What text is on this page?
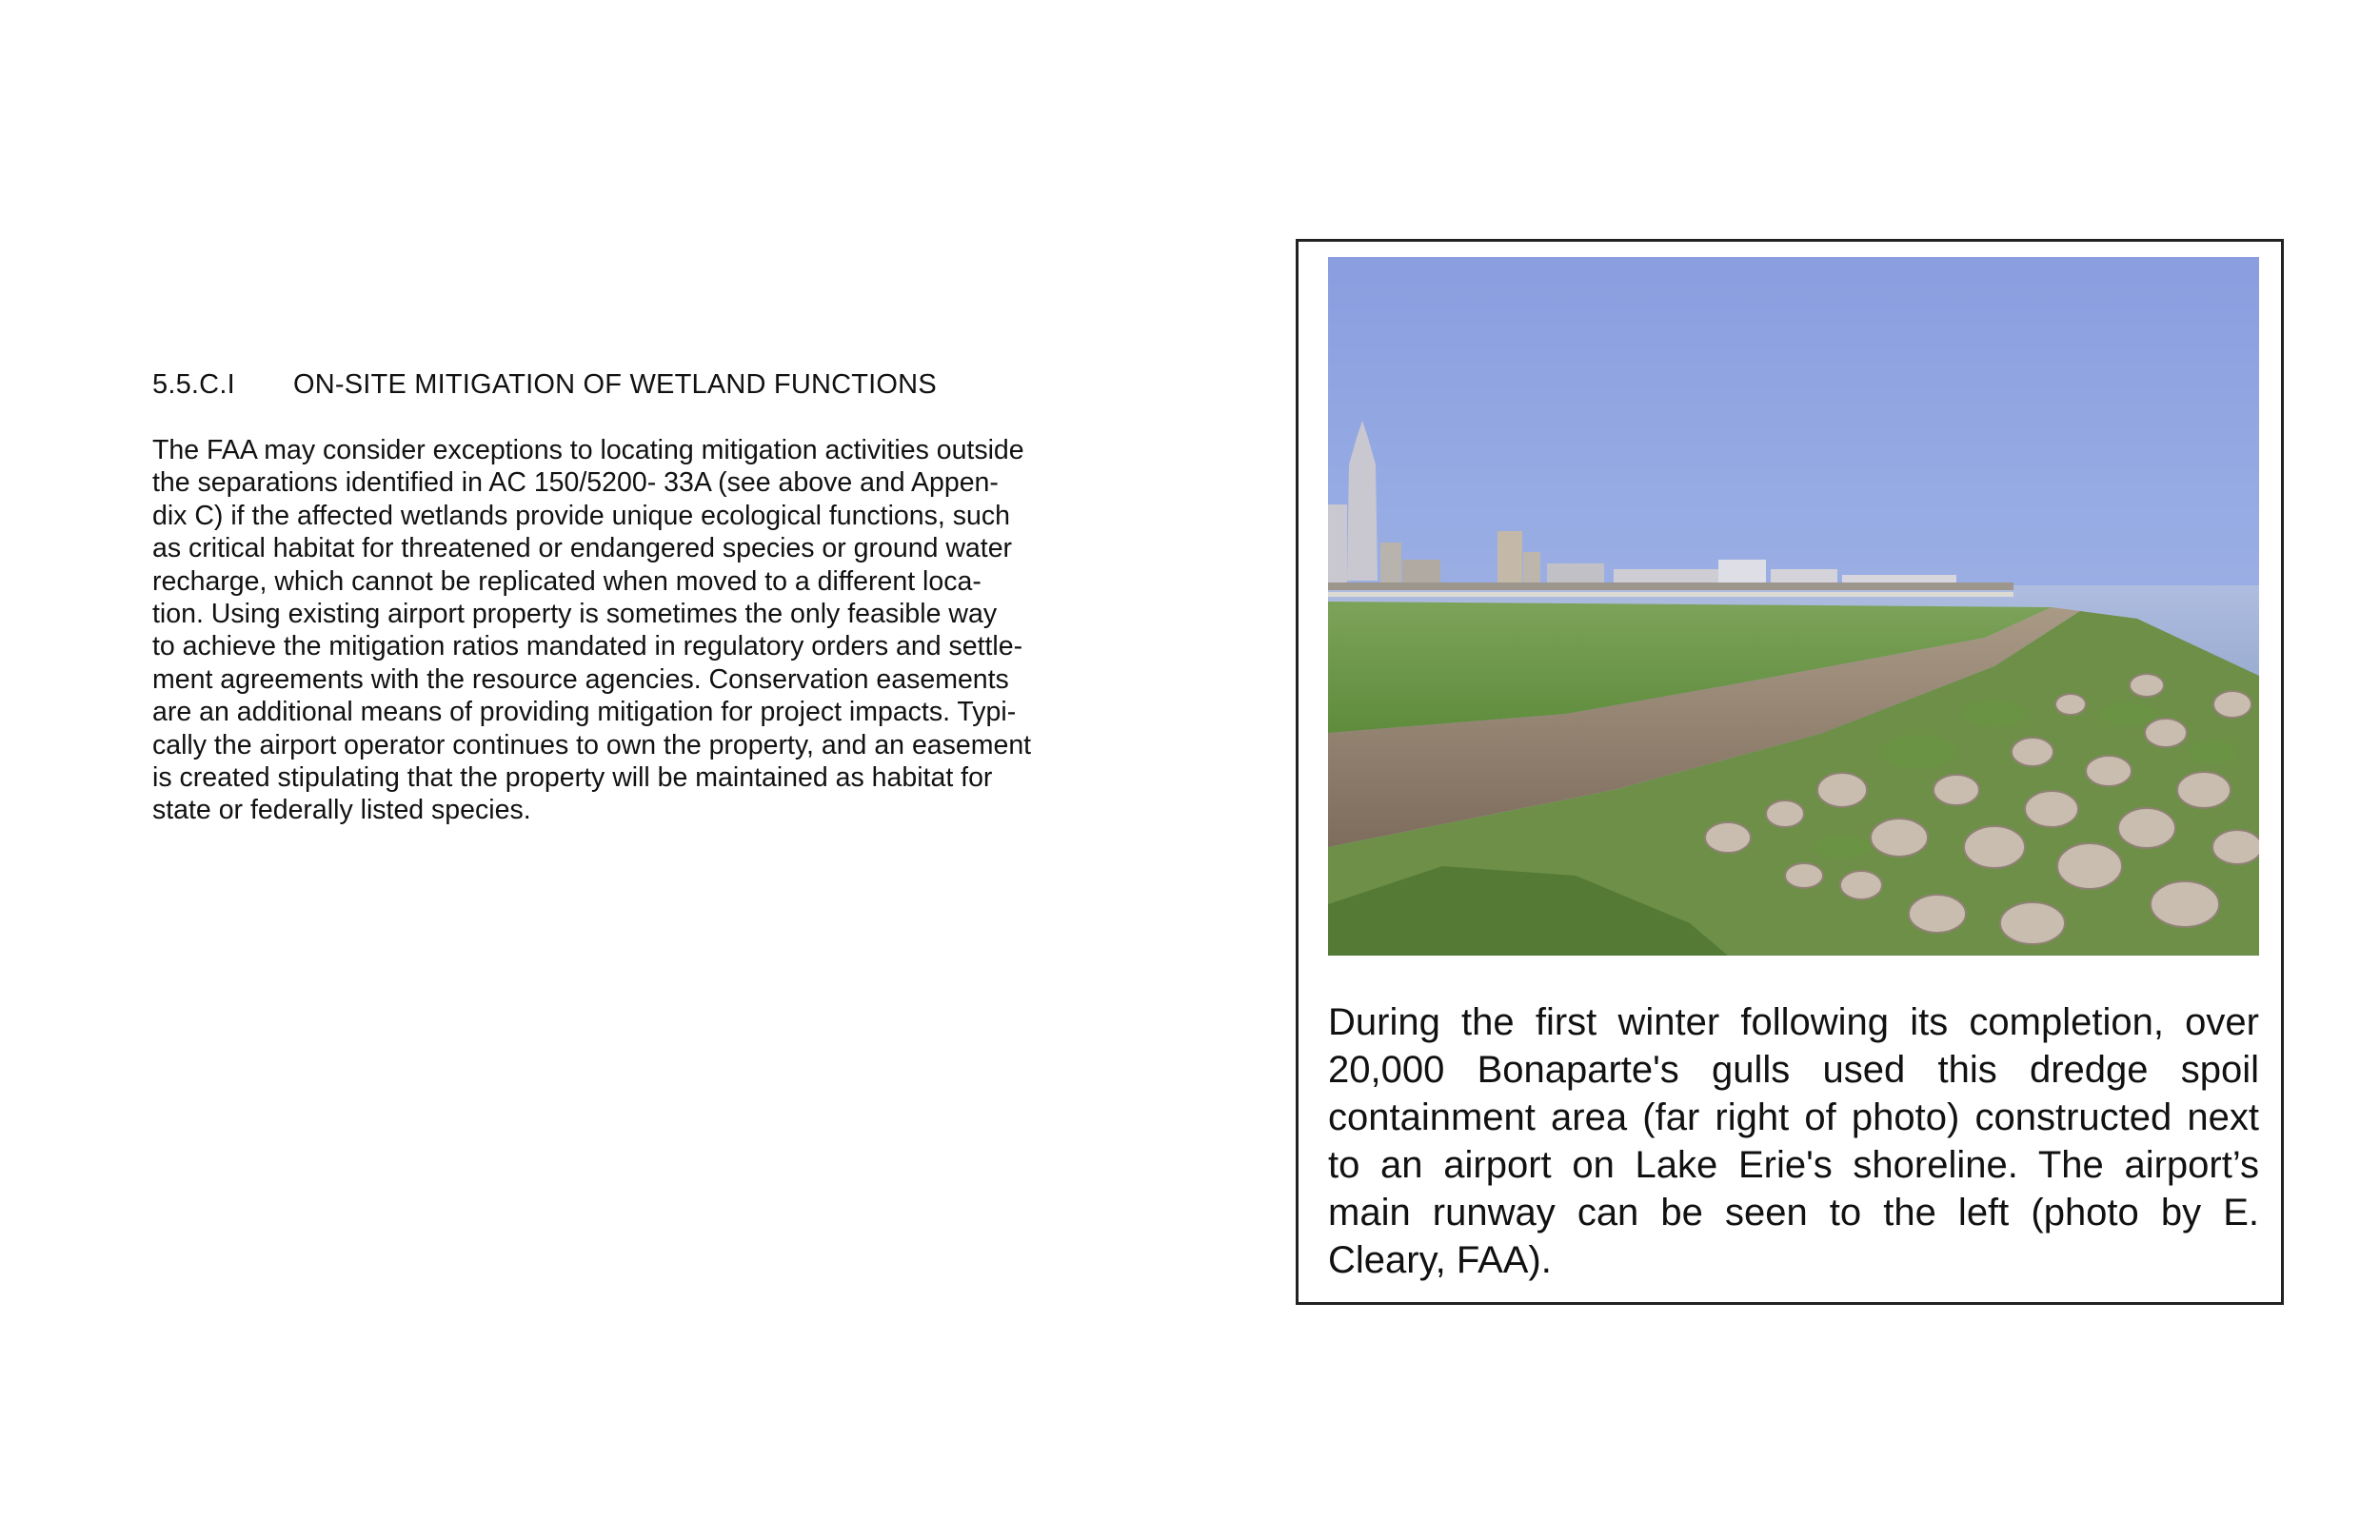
5.5.C.I ON-SITE MITIGATION OF WETLAND FUNCTIONS

The FAA may consider exceptions to locating mitigation activities outside
the separations identified in AC 150/5200- 33A (see above and Appen-
dix C) if the affected wetlands provide unique ecological functions, such
as critical habitat for threatened or endangered species or ground water
recharge, which cannot be replicated when moved to a different loca-
tion. Using existing airport property is sometimes the only feasible way
to achieve the mitigation ratios mandated in regulatory orders and settle-
ment agreements with the resource agencies. Conservation easements
are an additional means of providing mitigation for project impacts. Typi-
cally the airport operator continues to own the property, and an easement
is created stipulating that the property will be maintained as habitat for
state or federally listed species.

During the first winter following its completion, over
20,000 Bonaparte's gulls used this dredge spoil
containment area (far right of photo) constructed next
to an airport on Lake Erie's shoreline. The airport’s
main runway can be seen to the left (photo by E.
Cleary, FAA).
